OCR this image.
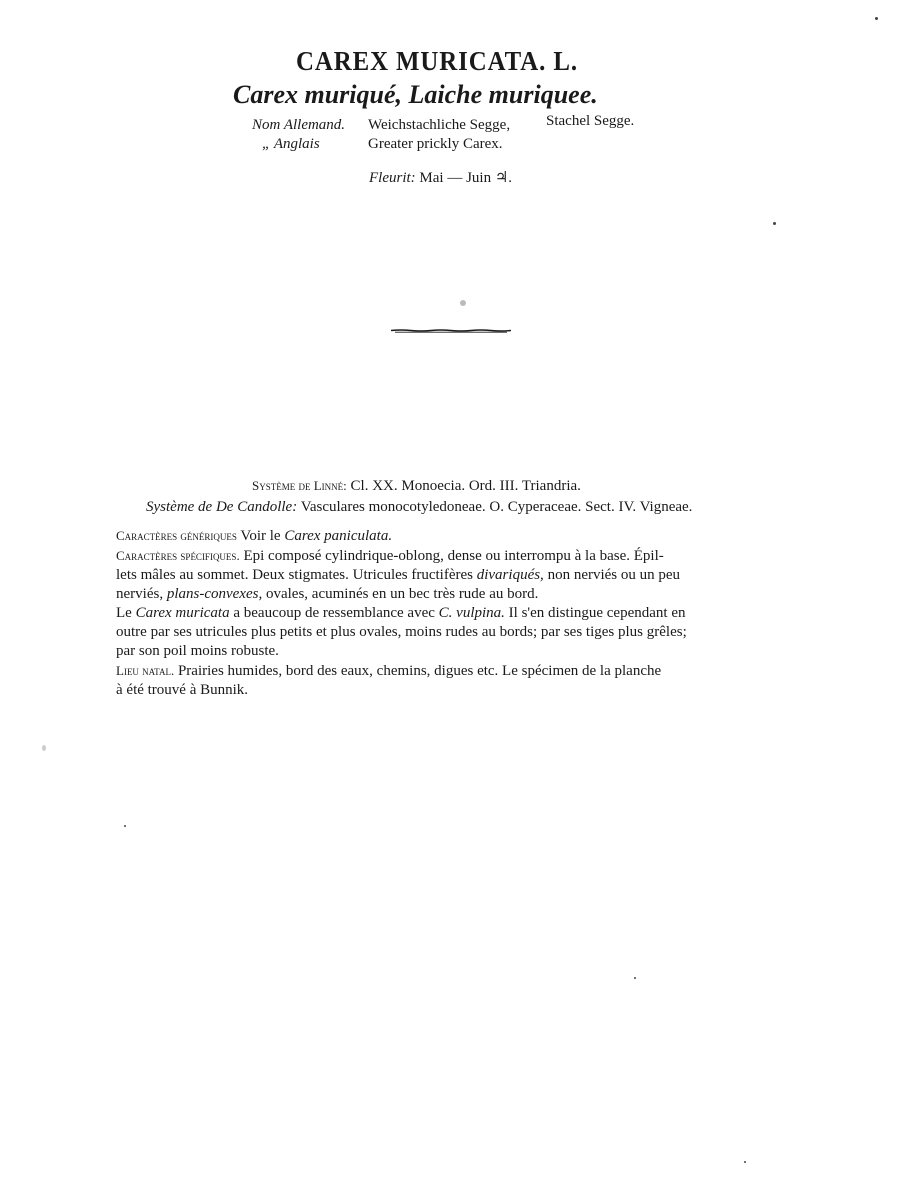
CAREX MURICATA. L.
Carex muriqué, Laiche muriquee.
Nom Allemand. Weichstachliche Segge, Stachel Segge.
„ Anglais	Greater prickly Carex.
Fleurit: Mai — Juin ♃.
Système de Linné: Cl. XX. Monoecia. Ord. III. Triandria.
Système de De Candolle: Vasculares monocotyledoneae. O. Cyperaceae. Sect. IV. Vigneae.
Caractères génériques Voir le Carex paniculata.
Caractères spécifiques. Epi composé cylindrique-oblong, dense ou interrompu à la base. Épil-
lets mâles au sommet. Deux stigmates. Utricules fructifères divariqués, non nerviés ou un peu
nerviés, plans-convexes, ovales, acuminés en un bec très rude au bord.
Le Carex muricata a beaucoup de ressemblance avec C. vulpina. Il s'en distingue cependant en
outre par ses utricules plus petits et plus ovales, moins rudes au bords; par ses tiges plus grêles;
par son poil moins robuste.
Lieu natal. Prairies humides, bord des eaux, chemins, digues etc. Le spécimen de la planche
à été trouvé à Bunnik.
